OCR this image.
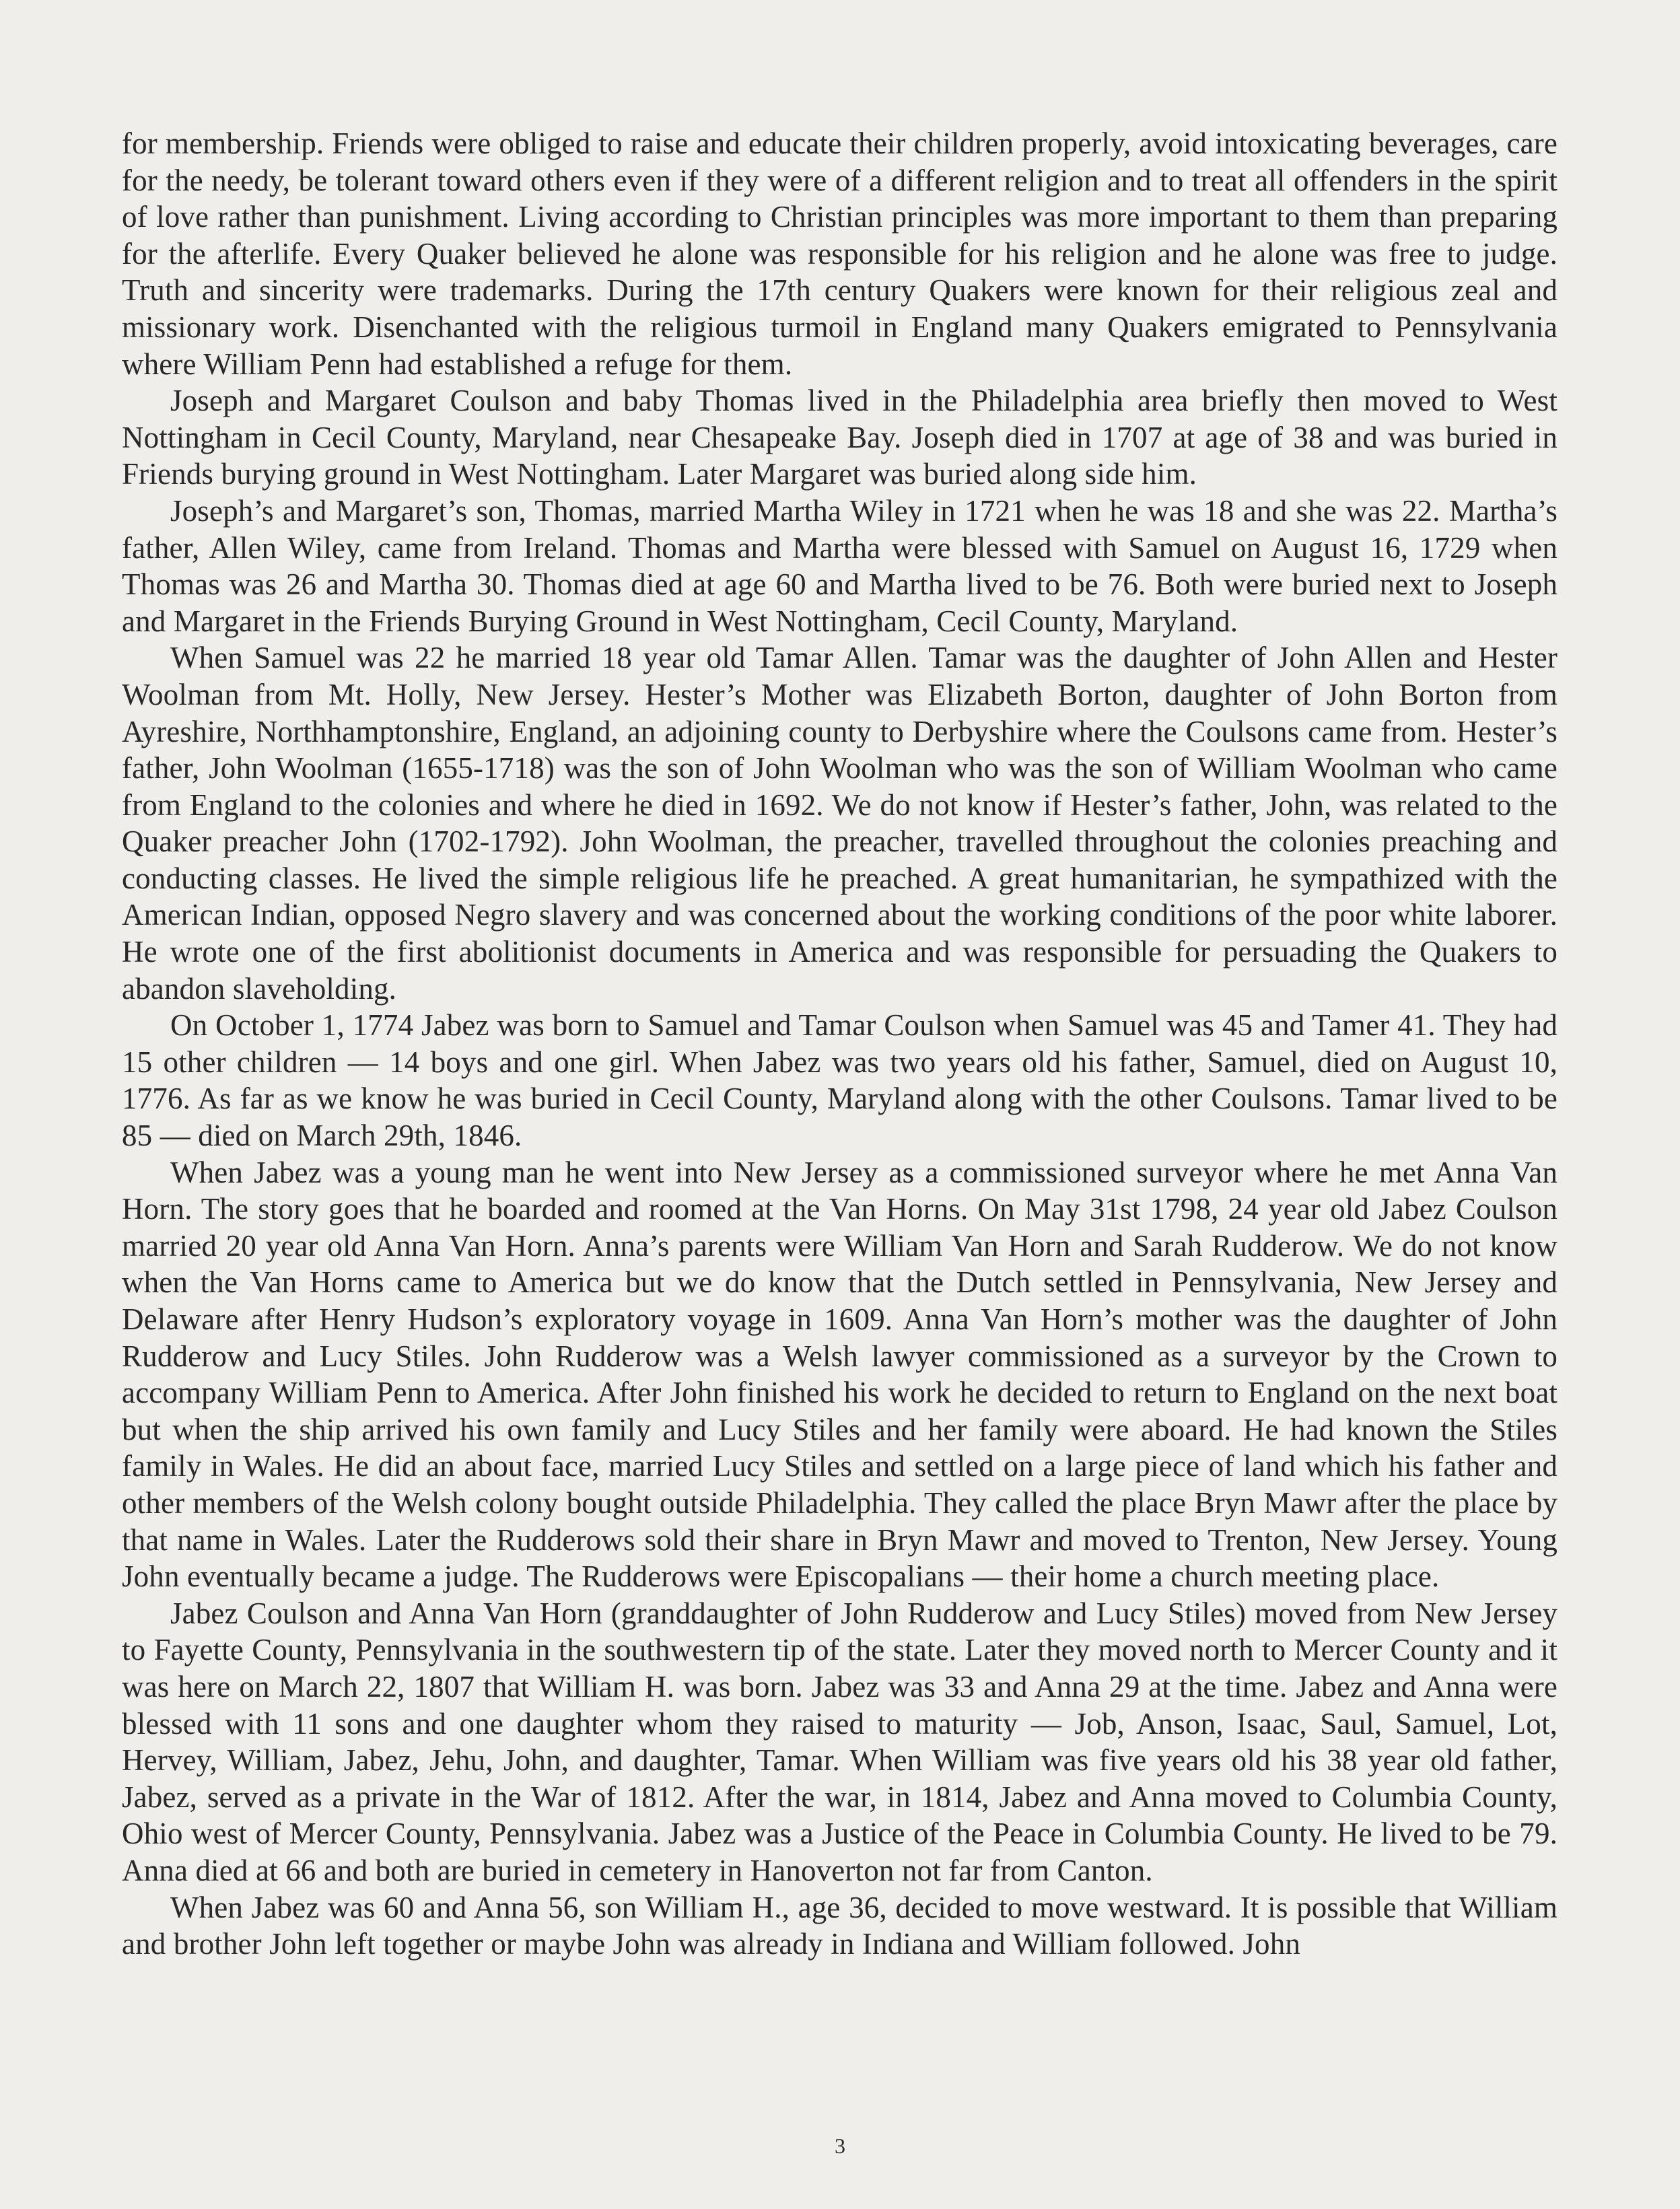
for membership. Friends were obliged to raise and educate their children properly, avoid intoxicating beverages, care for the needy, be tolerant toward others even if they were of a different religion and to treat all offenders in the spirit of love rather than punishment. Living according to Christian principles was more important to them than preparing for the afterlife. Every Quaker believed he alone was responsible for his religion and he alone was free to judge. Truth and sincerity were trademarks. During the 17th century Quakers were known for their religious zeal and missionary work. Disenchanted with the religious turmoil in England many Quakers emigrated to Pennsylvania where William Penn had established a refuge for them.

Joseph and Margaret Coulson and baby Thomas lived in the Philadelphia area briefly then moved to West Nottingham in Cecil County, Maryland, near Chesapeake Bay. Joseph died in 1707 at age of 38 and was buried in Friends burying ground in West Nottingham. Later Margaret was buried along side him.

Joseph’s and Margaret’s son, Thomas, married Martha Wiley in 1721 when he was 18 and she was 22. Martha’s father, Allen Wiley, came from Ireland. Thomas and Martha were blessed with Samuel on August 16, 1729 when Thomas was 26 and Martha 30. Thomas died at age 60 and Martha lived to be 76. Both were buried next to Joseph and Margaret in the Friends Burying Ground in West Nottingham, Cecil County, Maryland.

When Samuel was 22 he married 18 year old Tamar Allen. Tamar was the daughter of John Allen and Hester Woolman from Mt. Holly, New Jersey. Hester’s Mother was Elizabeth Borton, daughter of John Borton from Ayreshire, Northhamptonshire, England, an adjoining county to Derbyshire where the Coulsons came from. Hester’s father, John Woolman (1655-1718) was the son of John Woolman who was the son of William Woolman who came from England to the colonies and where he died in 1692. We do not know if Hester’s father, John, was related to the Quaker preacher John (1702-1792). John Woolman, the preacher, travelled throughout the colonies preaching and conducting classes. He lived the simple religious life he preached. A great humanitarian, he sympathized with the American Indian, opposed Negro slavery and was concerned about the working conditions of the poor white laborer. He wrote one of the first abolitionist documents in America and was responsible for persuading the Quakers to abandon slaveholding.

On October 1, 1774 Jabez was born to Samuel and Tamar Coulson when Samuel was 45 and Tamer 41. They had 15 other children — 14 boys and one girl. When Jabez was two years old his father, Samuel, died on August 10, 1776. As far as we know he was buried in Cecil County, Maryland along with the other Coulsons. Tamar lived to be 85 — died on March 29th, 1846.

When Jabez was a young man he went into New Jersey as a commissioned surveyor where he met Anna Van Horn. The story goes that he boarded and roomed at the Van Horns. On May 31st 1798, 24 year old Jabez Coulson married 20 year old Anna Van Horn. Anna’s parents were William Van Horn and Sarah Rudderow. We do not know when the Van Horns came to America but we do know that the Dutch settled in Pennsylvania, New Jersey and Delaware after Henry Hudson’s exploratory voyage in 1609. Anna Van Horn’s mother was the daughter of John Rudderow and Lucy Stiles. John Rudderow was a Welsh lawyer commissioned as a surveyor by the Crown to accompany William Penn to America. After John finished his work he decided to return to England on the next boat but when the ship arrived his own family and Lucy Stiles and her family were aboard. He had known the Stiles family in Wales. He did an about face, married Lucy Stiles and settled on a large piece of land which his father and other members of the Welsh colony bought outside Philadelphia. They called the place Bryn Mawr after the place by that name in Wales. Later the Rudderows sold their share in Bryn Mawr and moved to Trenton, New Jersey. Young John eventually became a judge. The Rudderows were Episcopalians — their home a church meeting place.

Jabez Coulson and Anna Van Horn (granddaughter of John Rudderow and Lucy Stiles) moved from New Jersey to Fayette County, Pennsylvania in the southwestern tip of the state. Later they moved north to Mercer County and it was here on March 22, 1807 that William H. was born. Jabez was 33 and Anna 29 at the time. Jabez and Anna were blessed with 11 sons and one daughter whom they raised to maturity — Job, Anson, Isaac, Saul, Samuel, Lot, Hervey, William, Jabez, Jehu, John, and daughter, Tamar. When William was five years old his 38 year old father, Jabez, served as a private in the War of 1812. After the war, in 1814, Jabez and Anna moved to Columbia County, Ohio west of Mercer County, Pennsylvania. Jabez was a Justice of the Peace in Columbia County. He lived to be 79. Anna died at 66 and both are buried in cemetery in Hanoverton not far from Canton.

When Jabez was 60 and Anna 56, son William H., age 36, decided to move westward. It is possible that William and brother John left together or maybe John was already in Indiana and William followed. John

3
